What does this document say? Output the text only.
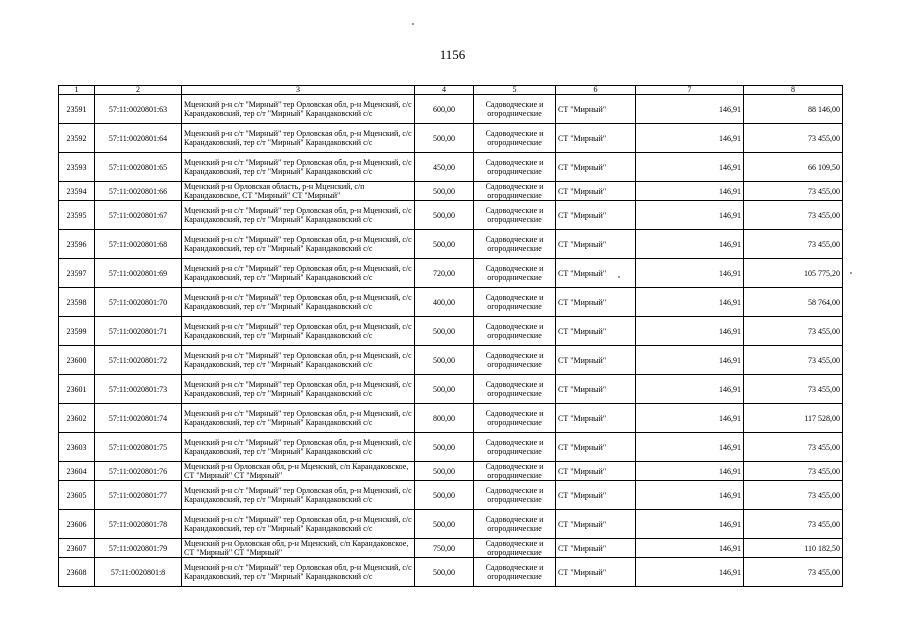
1156
1	2	3	4	5	6	7	8
23591	57:11:0020801:63	Мценский р-н с/т "Мирный" тер Орловская обл, р-н Мценский, с/с Карандаковский, тер с/т "Мирный" Карандаковский с/с	600,00	Садоводческие и огороднические	СТ "Мирный"	146,91	88 146,00
23592	57:11:0020801:64	Мценский р-н с/т "Мирный" тер Орловская обл, р-н Мценский, с/с Карандаковский, тер с/т "Мирный" Карандаковский с/с	500,00	Садоводческие и огороднические	СТ "Мирный"	146,91	73 455,00
23593	57:11:0020801:65	Мценский р-н с/т "Мирный" тер Орловская обл, р-н Мценский, с/с Карандаковский, тер с/т "Мирный" Карандаковский с/с	450,00	Садоводческие и огороднические	СТ "Мирный"	146,91	66 109,50
23594	57:11:0020801:66	Мценский р-н Орловская область, р-н Мценский, с/п Карандаковское, СТ "Мирный" СТ "Мирный"	500,00	Садоводческие и огороднические	СТ "Мирный"	146,91	73 455,00
23595	57:11:0020801:67	Мценский р-н с/т "Мирный" тер Орловская обл, р-н Мценский, с/с Карандаковский, тер с/т "Мирный" Карандаковский с/с	500,00	Садоводческие и огороднические	СТ "Мирный"	146,91	73 455,00
23596	57:11:0020801:68	Мценский р-н с/т "Мирный" тер Орловская обл, р-н Мценский, с/с Карандаковский, тер с/т "Мирный" Карандаковский с/с	500,00	Садоводческие и огороднические	СТ "Мирный"	146,91	73 455,00
23597	57:11:0020801:69	Мценский р-н с/т "Мирный" тер Орловская обл, р-н Мценский, с/с Карандаковский, тер с/т "Мирный" Карандаковский с/с	720,00	Садоводческие и огороднические	СТ "Мирный"	146,91	105 775,20
23598	57:11:0020801:70	Мценский р-н с/т "Мирный" тер Орловская обл, р-н Мценский, с/с Карандаковский, тер с/т "Мирный" Карандаковский с/с	400,00	Садоводческие и огороднические	СТ "Мирный"	146,91	58 764,00
23599	57:11:0020801:71	Мценский р-н с/т "Мирный" тер Орловская обл, р-н Мценский, с/с Карандаковский, тер с/т "Мирный" Карандаковский с/с	500,00	Садоводческие и огороднические	СТ "Мирный"	146,91	73 455,00
23600	57:11:0020801:72	Мценский р-н с/т "Мирный" тер Орловская обл, р-н Мценский, с/с Карандаковский, тер с/т "Мирный" Карандаковский с/с	500,00	Садоводческие и огороднические	СТ "Мирный"	146,91	73 455,00
23601	57:11:0020801:73	Мценский р-н с/т "Мирный" тер Орловская обл, р-н Мценский, с/с Карандаковский, тер с/т "Мирный" Карандаковский с/с	500,00	Садоводческие и огороднические	СТ "Мирный"	146,91	73 455,00
23602	57:11:0020801:74	Мценский р-н с/т "Мирный" тер Орловская обл, р-н Мценский, с/с Карандаковский, тер с/т "Мирный" Карандаковский с/с	800,00	Садоводческие и огороднические	СТ "Мирный"	146,91	117 528,00
23603	57:11:0020801:75	Мценский р-н с/т "Мирный" тер Орловская обл, р-н Мценский, с/с Карандаковский, тер с/т "Мирный" Карандаковский с/с	500,00	Садоводческие и огороднические	СТ "Мирный"	146,91	73 455,00
23604	57:11:0020801:76	Мценский р-н Орловская обл, р-н Мценский, с/п Карандаковское, СТ "Мирный" СТ "Мирный"	500,00	Садоводческие и огороднические	СТ "Мирный"	146,91	73 455,00
23605	57:11:0020801:77	Мценский р-н с/т "Мирный" тер Орловская обл, р-н Мценский, с/с Карандаковский, тер с/т "Мирный" Карандаковский с/с	500,00	Садоводческие и огороднические	СТ "Мирный"	146,91	73 455,00
23606	57:11:0020801:78	Мценский р-н с/т "Мирный" тер Орловская обл, р-н Мценский, с/с Карандаковский, тер с/т "Мирный" Карандаковский с/с	500,00	Садоводческие и огороднические	СТ "Мирный"	146,91	73 455,00
23607	57:11:0020801:79	Мценский р-н Орловская обл, р-н Мценский, с/п Карандаковское, СТ "Мирный" СТ "Мирный"	750,00	Садоводческие и огороднические	СТ "Мирный"	146,91	110 182,50
23608	57:11:0020801:8	Мценский р-н с/т "Мирный" тер Орловская обл, р-н Мценский, с/с Карандаковский, тер с/т "Мирный" Карандаковский с/с	500,00	Садоводческие и огороднические	СТ "Мирный"	146,91	73 455,00
